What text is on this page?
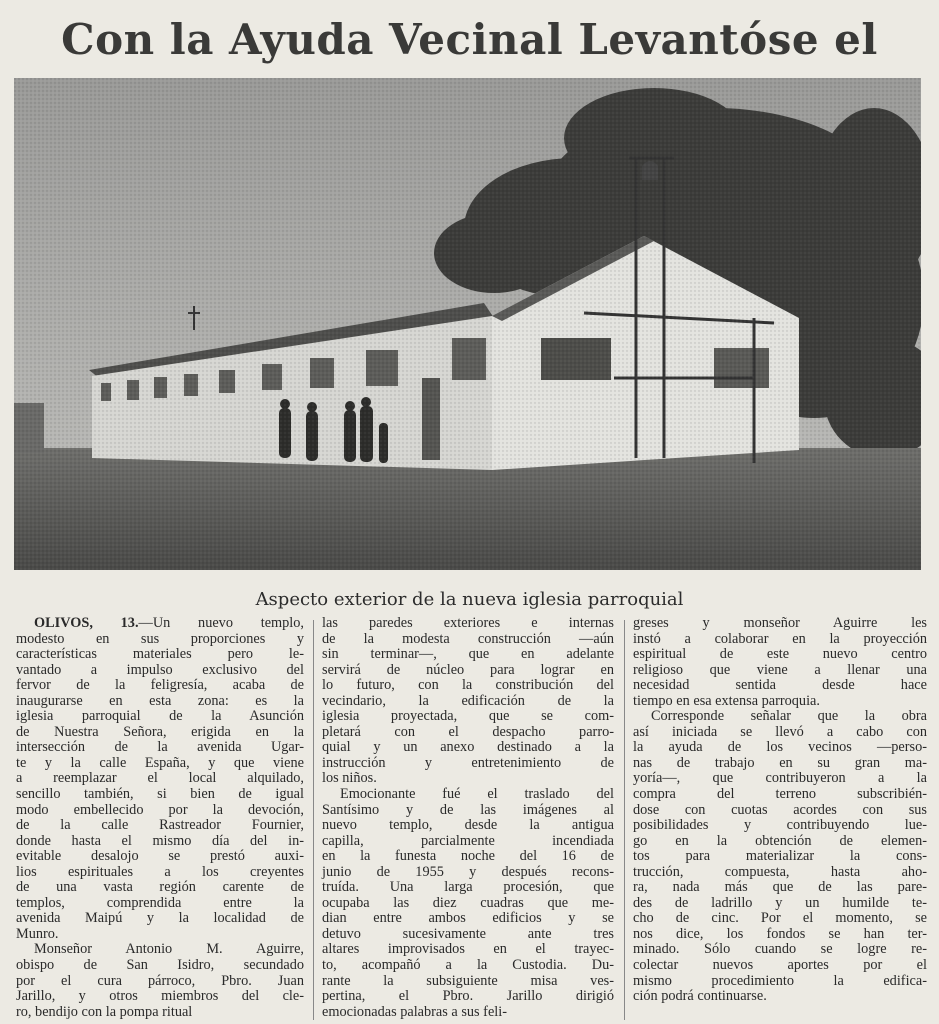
Con la Ayuda Vecinal Levantóse el
Aspecto exterior de la nueva iglesia parroquial
OLIVOS, 13.—Un nuevo templo,
modesto en sus proporciones y
características materiales pero le-
vantado a impulso exclusivo del
fervor de la feligresía, acaba de
inaugurarse en esta zona: es la
iglesia parroquial de la Asunción
de Nuestra Señora, erigida en la
intersección de la avenida Ugar-
te y la calle España, y que viene
a reemplazar el local alquilado,
sencillo también, si bien de igual
modo embellecido por la devoción,
de la calle Rastreador Fournier,
donde hasta el mismo día del in-
evitable desalojo se prestó auxi-
lios espirituales a los creyentes
de una vasta región carente de
templos, comprendida entre la
avenida Maipú y la localidad de
Munro.
Monseñor Antonio M. Aguirre,
obispo de San Isidro, secundado
por el cura párroco, Pbro. Juan
Jarillo, y otros miembros del cle-
ro, bendijo con la pompa ritual
las paredes exteriores e internas
de la modesta construcción —aún
sin terminar—, que en adelante
servirá de núcleo para lograr en
lo futuro, con la constribución del
vecindario, la edificación de la
iglesia proyectada, que se com-
pletará con el despacho parro-
quial y un anexo destinado a la
instrucción y entretenimiento de
los niños.
Emocionante fué el traslado del
Santísimo y de las imágenes al
nuevo templo, desde la antigua
capilla, parcialmente incendiada
en la funesta noche del 16 de
junio de 1955 y después recons-
truída. Una larga procesión, que
ocupaba las diez cuadras que me-
dian entre ambos edificios y se
detuvo sucesivamente ante tres
altares improvisados en el trayec-
to, acompañó a la Custodia. Du-
rante la subsiguiente misa ves-
pertina, el Pbro. Jarillo dirigió
emocionadas palabras a sus feli-
greses y monseñor Aguirre les
instó a colaborar en la proyección
espiritual de este nuevo centro
religioso que viene a llenar una
necesidad sentida desde hace
tiempo en esa extensa parroquia.
Corresponde señalar que la obra
así iniciada se llevó a cabo con
la ayuda de los vecinos —perso-
nas de trabajo en su gran ma-
yoría—, que contribuyeron a la
compra del terreno subscribién-
dose con cuotas acordes con sus
posibilidades y contribuyendo lue-
go en la obtención de elemen-
tos para materializar la cons-
trucción, compuesta, hasta aho-
ra, nada más que de las pare-
des de ladrillo y un humilde te-
cho de cinc. Por el momento, se
nos dice, los fondos se han ter-
minado. Sólo cuando se logre re-
colectar nuevos aportes por el
mismo procedimiento la edifica-
ción podrá continuarse.
